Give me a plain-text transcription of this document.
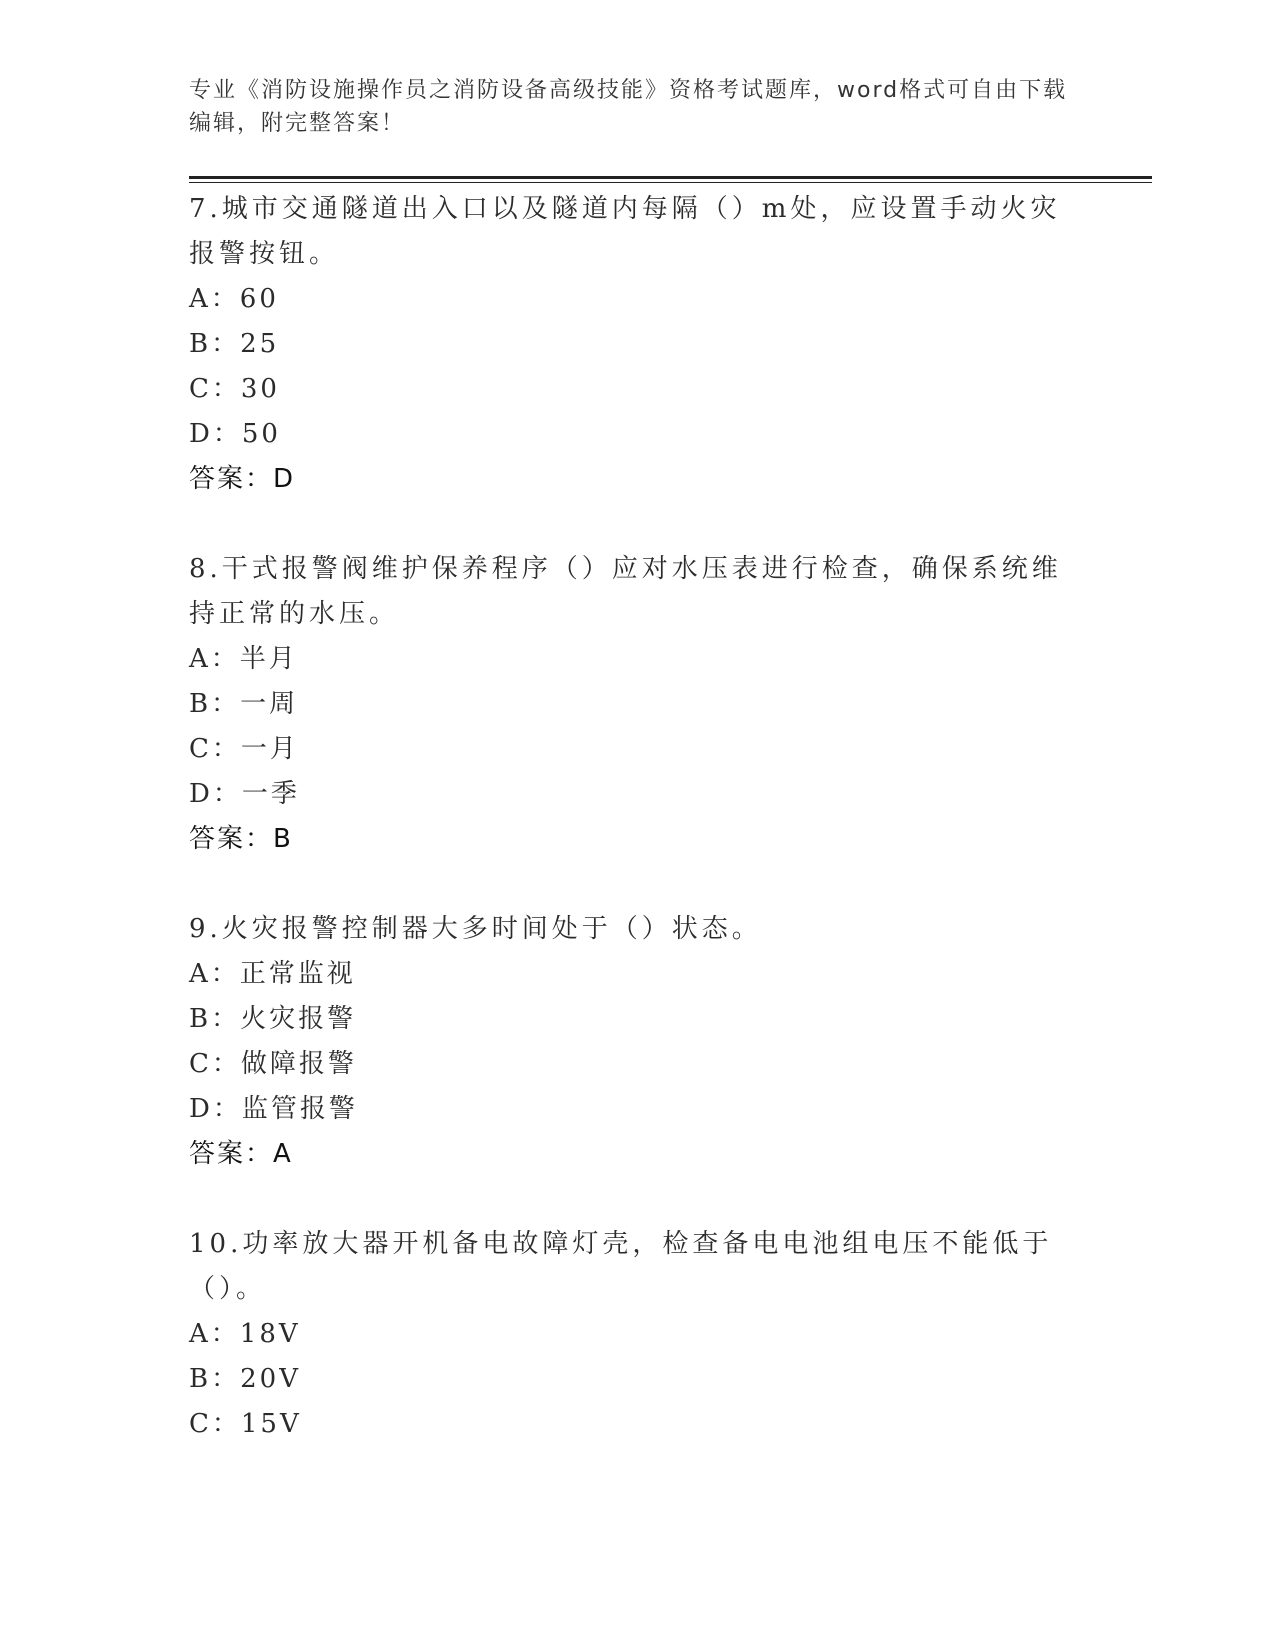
专业《消防设施操作员之消防设备高级技能》资格考试题库，word格式可自由下载编辑，附完整答案！
7.城市交通隧道出入口以及隧道内每隔（）m处，应设置手动火灾报警按钮。
A：60
B：25
C：30
D：50
答案：D
8.干式报警阀维护保养程序（）应对水压表进行检查，确保系统维持正常的水压。
A：半月
B：一周
C：一月
D：一季
答案：B
9.火灾报警控制器大多时间处于（）状态。
A：正常监视
B：火灾报警
C：做障报警
D：监管报警
答案：A
10.功率放大器开机备电故障灯壳，检查备电电池组电压不能低于（）。
A：18V
B：20V
C：15V
